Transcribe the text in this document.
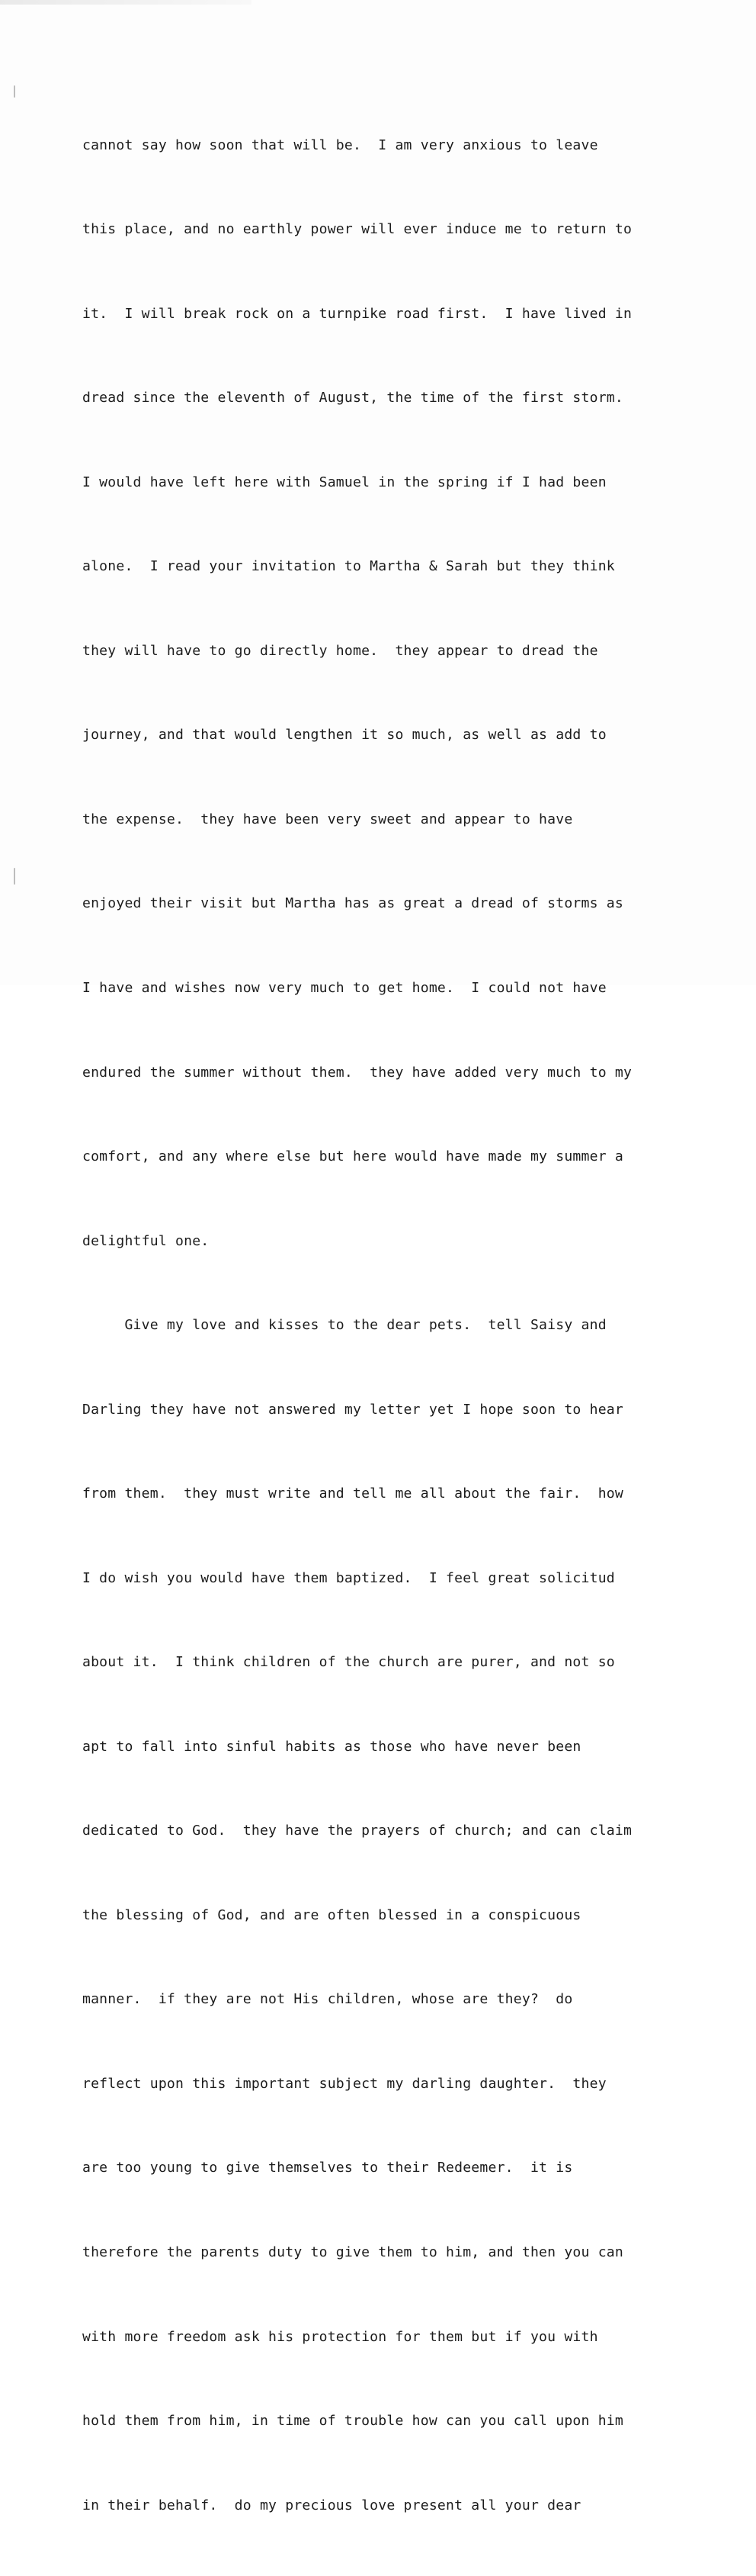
cannot say how soon that will be.  I am very anxious to leave

this place, and no earthly power will ever induce me to return to

it.  I will break rock on a turnpike road first.  I have lived in

dread since the eleventh of August, the time of the first storm.

I would have left here with Samuel in the spring if I had been

alone.  I read your invitation to Martha & Sarah but they think

they will have to go directly home.  they appear to dread the

journey, and that would lengthen it so much, as well as add to

the expense.  they have been very sweet and appear to have

enjoyed their visit but Martha has as great a dread of storms as

I have and wishes now very much to get home.  I could not have

endured the summer without them.  they have added very much to my

comfort, and any where else but here would have made my summer a

delightful one.

Give my love and kisses to the dear pets.  tell Saisy and

Darling they have not answered my letter yet I hope soon to hear

from them.  they must write and tell me all about the fair.  how

I do wish you would have them baptized.  I feel great solicitud

about it.  I think children of the church are purer, and not so

apt to fall into sinful habits as those who have never been

dedicated to God.  they have the prayers of church; and can claim

the blessing of God, and are often blessed in a conspicuous

manner.  if they are not His children, whose are they?  do

reflect upon this important subject my darling daughter.  they

are too young to give themselves to their Redeemer.  it is

therefore the parents duty to give them to him, and then you can

with more freedom ask his protection for them but if you with

hold them from him, in time of trouble how can you call upon him

in their behalf.  do my precious love present all your dear
